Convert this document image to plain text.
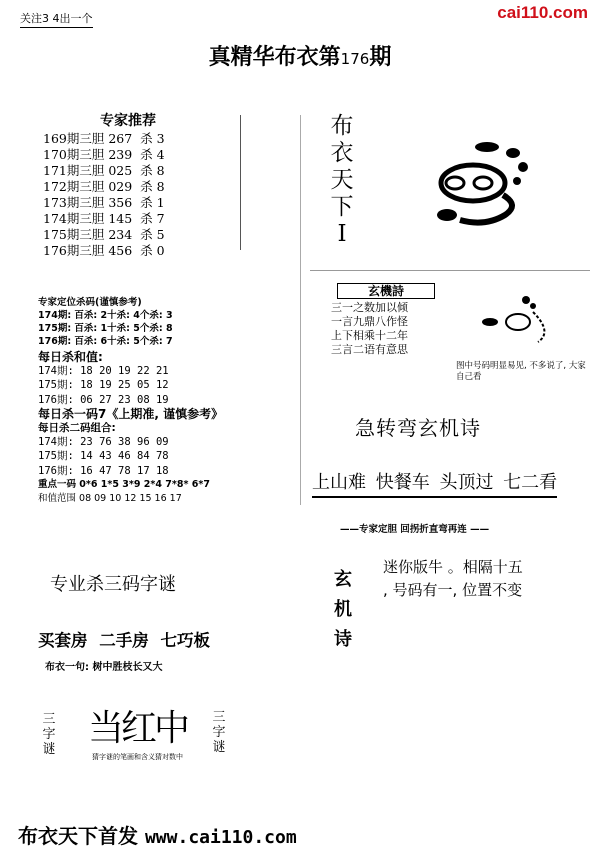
关注3 4出一个	cai110.com
真精华布衣第176期
专家推荐
169期三胆 267  杀 3
170期三胆 239  杀 4
171期三胆 025  杀 8
172期三胆 029  杀 8
173期三胆 356  杀 1
174期三胆 145  杀 7
175期三胆 234  杀 5
176期三胆 456  杀 0
专家定位杀码(谨慎参考)
174期: 百杀: 2十杀: 4个杀: 3
175期: 百杀: 1十杀: 5个杀: 8
176期: 百杀: 6十杀: 5个杀: 7
每日杀和值:
174期: 18 20 19 22 21
175期: 18 19 25 05 12
176期: 06 27 23 08 19
每日杀一码7《上期准, 谨慎参考》
每日杀二码组合:
174期: 23 76 38 96 09
175期: 14 43 46 84 78
176期: 16 47 78 17 18
重点一码 0*6 1*5 3*9 2*4 7*8* 6*7
和值范围 08 09 10 12 15 16 17
专业杀三码字谜
买套房 二手房 七巧板
布衣一句: 树中胜枝长又大
三字谜
当红中 三字谜
猜字谜的笔画和含义猜对数中
布衣天下I
玄機詩
三一之数加以倾
一言九鼎八作怪
上下相乘十二年
三言二语有意思
图中号码明显易见, 不多说了, 大家自己看
急转弯玄机诗
上山难 快餐车 头顶过 七二看
——专家定胆 回拐折直弯再连 ——
玄机诗
迷你版牛 。相隔十五
, 号码有一, 位置不变
布衣天下首发 www.cai110.com
